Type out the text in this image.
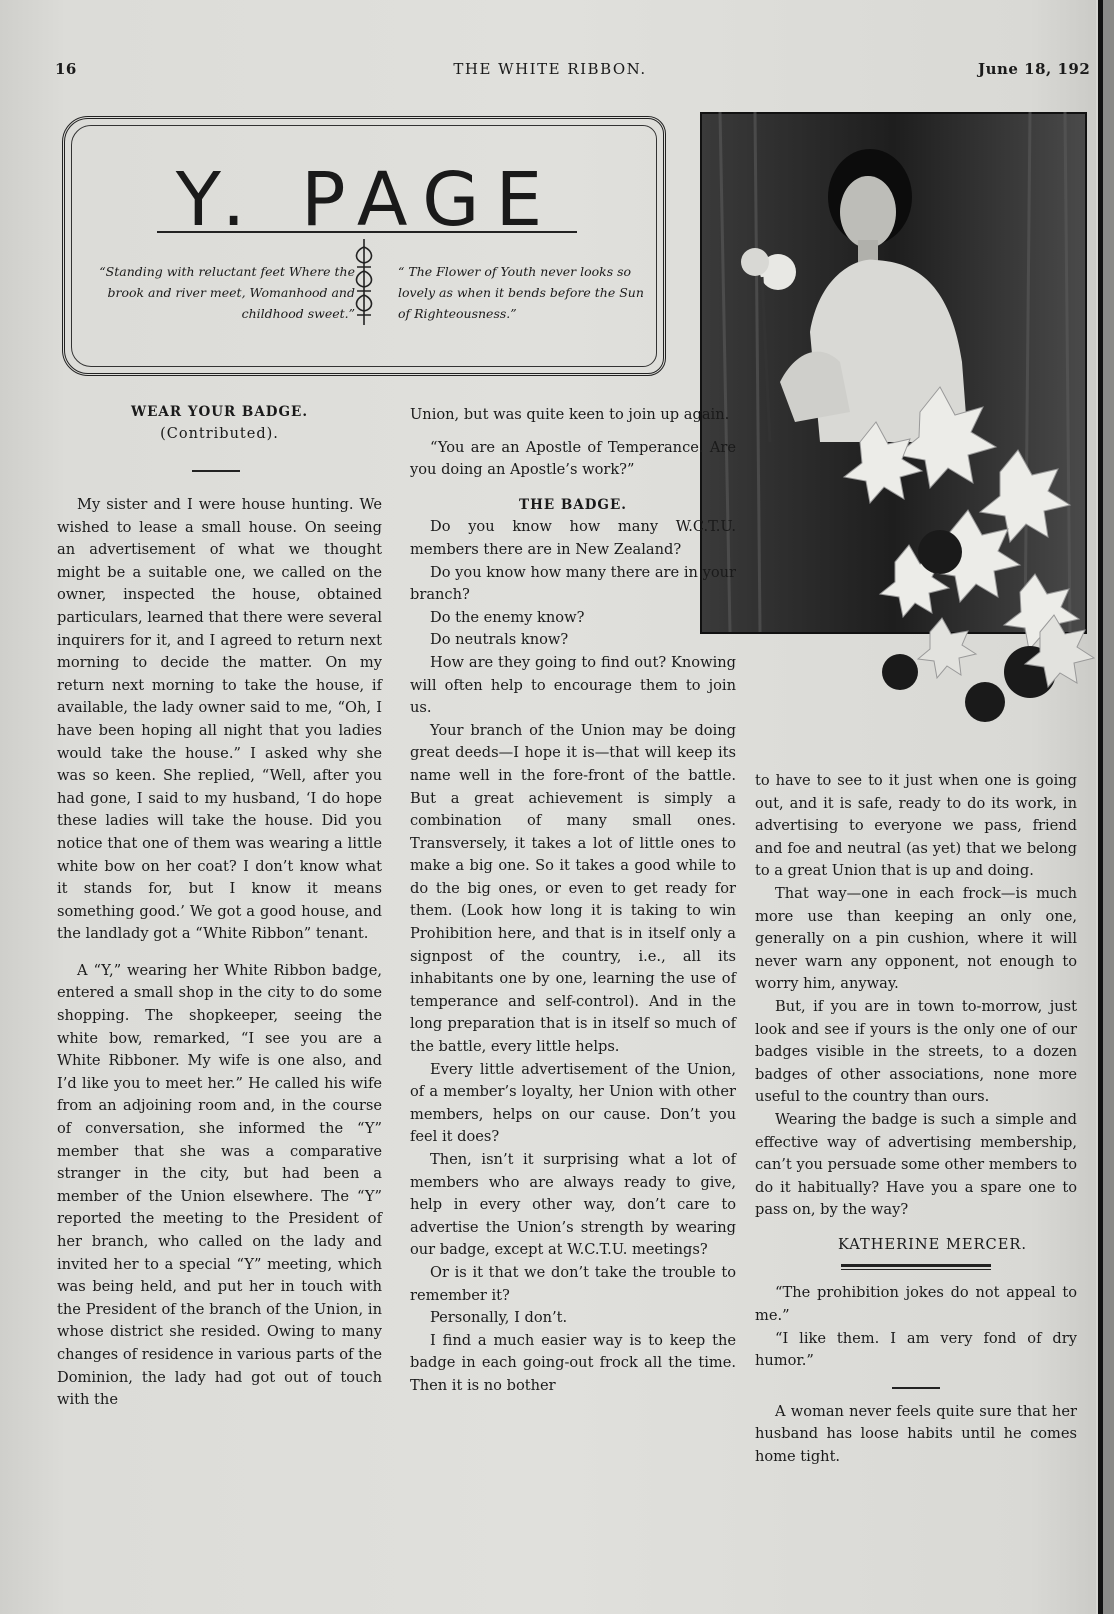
16	THE WHITE RIBBON.	June 18, 192
Y. PAGE
“Standing with reluctant feet Where the brook and river meet, Womanhood and childhood sweet.”
“ The Flower of Youth never looks so lovely as when it bends before the Sun of Righteousness.”
WEAR YOUR BADGE.
(Contributed).

My sister and I were house hunting. We wished to lease a small house. On seeing an advertisement of what we thought might be a suitable one, we called on the owner, inspected the house, obtained particulars, learned that there were several inquirers for it, and I agreed to return next morning to decide the matter. On my return next morning to take the house, if available, the lady owner said to me, “Oh, I have been hoping all night that you ladies would take the house.” I asked why she was so keen. She replied, “Well, after you had gone, I said to my husband, ‘I do hope these ladies will take the house. Did you notice that one of them was wearing a little white bow on her coat? I don’t know what it stands for, but I know it means something good.’ We got a good house, and the landlady got a “White Ribbon” tenant.

A “Y,” wearing her White Ribbon badge, entered a small shop in the city to do some shopping. The shopkeeper, seeing the white bow, remarked, “I see you are a White Ribboner. My wife is one also, and I’d like you to meet her.” He called his wife from an adjoining room and, in the course of conversation, she informed the “Y” member that she was a comparative stranger in the city, but had been a member of the Union elsewhere. The “Y” reported the meeting to the President of her branch, who called on the lady and invited her to a special “Y” meeting, which was being held, and put her in touch with the President of the branch of the Union, in whose district she resided. Owing to many changes of residence in various parts of the Dominion, the lady had got out of touch with the

Union, but was quite keen to join up again.

“You are an Apostle of Temperance. Are you doing an Apostle’s work?”

THE BADGE.

Do you know how many W.C.T.U. members there are in New Zealand?

Do you know how many there are in your branch?

Do the enemy know?

Do neutrals know?

How are they going to find out? Knowing will often help to encourage them to join us.

Your branch of the Union may be doing great deeds—I hope it is—that will keep its name well in the fore-front of the battle. But a great achievement is simply a combination of many small ones. Transversely, it takes a lot of little ones to make a big one. So it takes a good while to do the big ones, or even to get ready for them. (Look how long it is taking to win Prohibition here, and that is in itself only a signpost of the country, i.e., all its inhabitants one by one, learning the use of temperance and self-control). And in the long preparation that is in itself so much of the battle, every little helps.

Every little advertisement of the Union, of a member’s loyalty, her Union with other members, helps on our cause. Don’t you feel it does?

Then, isn’t it surprising what a lot of members who are always ready to give, help in every other way, don’t care to advertise the Union’s strength by wearing our badge, except at W.C.T.U. meetings?

Or is it that we don’t take the trouble to remember it?

Personally, I don’t.

I find a much easier way is to keep the badge in each going-out frock all the time. Then it is no bother

to have to see to it just when one is going out, and it is safe, ready to do its work, in advertising to everyone we pass, friend and foe and neutral (as yet) that we belong to a great Union that is up and doing.

That way—one in each frock—is much more use than keeping an only one, generally on a pin cushion, where it will never warn any opponent, not enough to worry him, anyway.

But, if you are in town to-morrow, just look and see if yours is the only one of our badges visible in the streets, to a dozen badges of other associations, none more useful to the country than ours.

Wearing the badge is such a simple and effective way of advertising membership, can’t you persuade some other members to do it habitually? Have you a spare one to pass on, by the way?

KATHERINE MERCER.

“The prohibition jokes do not appeal to me.”

“I like them. I am very fond of dry humor.”

A woman never feels quite sure that her husband has loose habits until he comes home tight.
